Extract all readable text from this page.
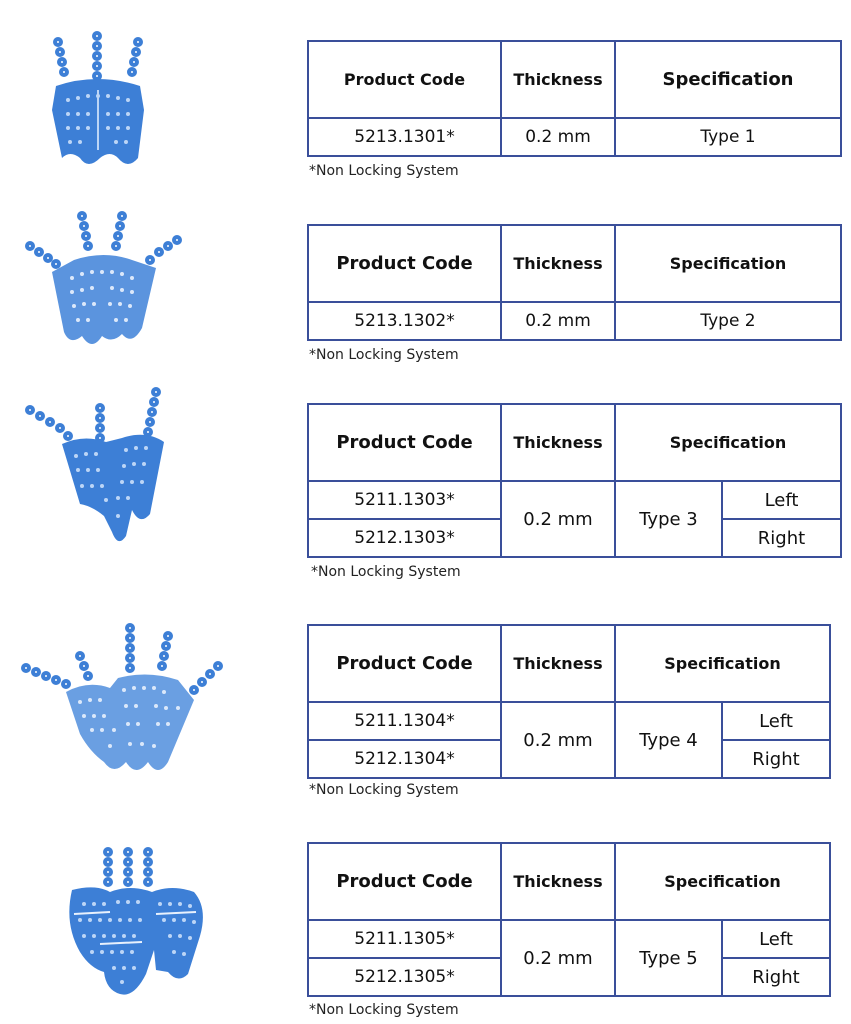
Product Code	Thickness	Specification
5213.1301*	0.2 mm	Type 1
*Non Locking System
Product Code	Thickness	Specification
5213.1302*	0.2 mm	Type 2
*Non Locking System
Product Code	Thickness	Specification	
5211.1303*	0.2 mm	Type 3	Left
5212.1303*			Right
*Non Locking System
Product Code	Thickness	Specification	
5211.1304*	0.2 mm	Type 4	Left
5212.1304*			Right
*Non Locking System
Product Code	Thickness	Specification	
5211.1305*	0.2 mm	Type 5	Left
5212.1305*			Right
*Non Locking System
